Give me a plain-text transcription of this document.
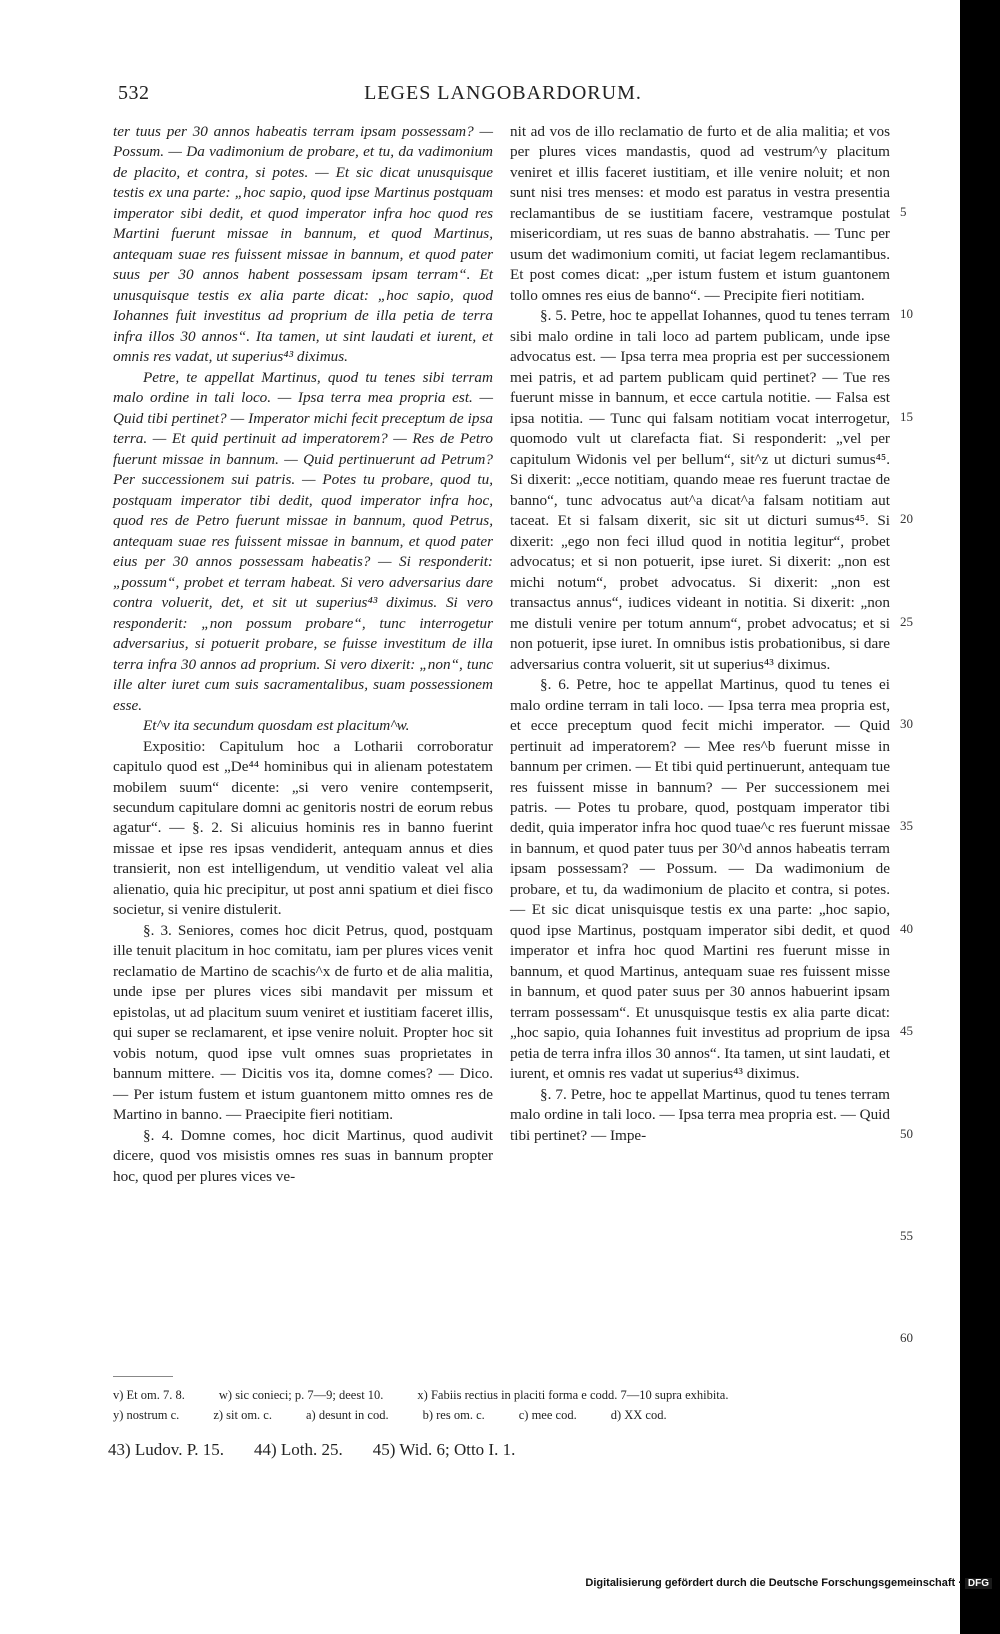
532	LEGES LANGOBARDORUM.

ter tuus per 30 annos habeatis terram ipsam possessam? — Possum. — Da vadimonium de probare, et tu, da vadimonium de placito, et contra, si potes. — Et sic dicat unusquisque testis ex una parte: „hoc sapio, quod ipse Martinus postquam imperator sibi dedit, et quod imperator infra hoc quod res Martini fuerunt missae in bannum, et quod Martinus, antequam suae res fuissent missae in bannum, et quod pater suus per 30 annos habent possessam ipsam terram“. Et unusquisque testis ex alia parte dicat: „hoc sapio, quod Iohannes fuit investitus ad proprium de illa petia de terra infra illos 30 annos“. Ita tamen, ut sint laudati et iurent, et omnis res vadat, ut superius⁴³ diximus.

Petre, te appellat Martinus, quod tu tenes sibi terram malo ordine in tali loco. — Ipsa terra mea propria est. — Quid tibi pertinet? — Imperator michi fecit preceptum de ipsa terra. — Et quid pertinuit ad imperatorem? — Res de Petro fuerunt missae in bannum. — Quid pertinuerunt ad Petrum? Per successionem sui patris. — Potes tu probare, quod tu, postquam imperator tibi dedit, quod imperator infra hoc, quod res de Petro fuerunt missae in bannum, quod Petrus, antequam suae res fuissent missae in bannum, et quod pater eius per 30 annos possessam habeatis? — Si responderit: „possum“, probet et terram habeat. Si vero adversarius dare contra voluerit, det, et sit ut superius⁴³ diximus. Si vero responderit: „non possum probare“, tunc interrogetur adversarius, si potuerit probare, se fuisse investitum de illa terra infra 30 annos ad proprium. Si vero dixerit: „non“, tunc ille alter iuret cum suis sacramentalibus, suam possessionem esse.

Et^v ita secundum quosdam est placitum^w.

Expositio: Capitulum hoc a Lotharii corroboratur capitulo quod est „De⁴⁴ hominibus qui in alienam potestatem mobilem suum“ dicente: „si vero venire contempserit, secundum capitulare domni ac genitoris nostri de eorum rebus agatur“. — §. 2. Si alicuius hominis res in banno fuerint missae et ipse res ipsas vendiderit, antequam annus et dies transierit, non est intelligendum, ut venditio valeat vel alia alienatio, quia hic precipitur, ut post anni spatium et diei fisco societur, si venire distulerit.

§. 3. Seniores, comes hoc dicit Petrus, quod, postquam ille tenuit placitum in hoc comitatu, iam per plures vices venit reclamatio de Martino de scachis^x de furto et de alia malitia, unde ipse per plures vices sibi mandavit per missum et epistolas, ut ad placitum suum veniret et iustitiam faceret illis, qui super se reclamarent, et ipse venire noluit. Propter hoc sit vobis notum, quod ipse vult omnes suas proprietates in bannum mittere. — Dicitis vos ita, domne comes? — Dico. — Per istum fustem et istum guantonem mitto omnes res de Martino in banno. — Praecipite fieri notitiam.

§. 4. Domne comes, hoc dicit Martinus, quod audivit dicere, quod vos misistis omnes res suas in bannum propter hoc, quod per plures vices ve-

nit ad vos de illo reclamatio de furto et de alia malitia; et vos per plures vices mandastis, quod ad vestrum^y placitum veniret et illis faceret iustitiam, et ille venire noluit; et non sunt nisi tres menses: et modo est paratus in vestra presentia reclamantibus de se iustitiam facere, vestramque postulat misericordiam, ut res suas de banno abstrahatis. — Tunc per usum det wadimonium comiti, ut faciat legem reclamantibus. Et post comes dicat: „per istum fustem et istum guantonem tollo omnes res eius de banno“. — Precipite fieri notitiam.

§. 5. Petre, hoc te appellat Iohannes, quod tu tenes terram sibi malo ordine in tali loco ad partem publicam, unde ipse advocatus est. — Ipsa terra mea propria est per successionem mei patris, et ad partem publicam quid pertinet? — Tue res fuerunt misse in bannum, et ecce cartula notitie. — Falsa est ipsa notitia. — Tunc qui falsam notitiam vocat interrogetur, quomodo vult ut clarefacta fiat. Si responderit: „vel per capitulum Widonis vel per bellum“, sit^z ut dicturi sumus⁴⁵. Si dixerit: „ecce notitiam, quando meae res fuerunt tractae de banno“, tunc advocatus aut^a dicat^a falsam notitiam aut taceat. Et si falsam dixerit, sic sit ut dicturi sumus⁴⁵. Si dixerit: „ego non feci illud quod in notitia legitur“, probet advocatus; et si non potuerit, ipse iuret. Si dixerit: „non est michi notum“, probet advocatus. Si dixerit: „non est transactus annus“, iudices videant in notitia. Si dixerit: „non me distuli venire per totum annum“, probet advocatus; et si non potuerit, ipse iuret. In omnibus istis probationibus, si dare adversarius contra voluerit, sit ut superius⁴³ diximus.

§. 6. Petre, hoc te appellat Martinus, quod tu tenes ei malo ordine terram in tali loco. — Ipsa terra mea propria est, et ecce preceptum quod fecit michi imperator. — Quid pertinuit ad imperatorem? — Mee res^b fuerunt misse in bannum per crimen. — Et tibi quid pertinuerunt, antequam tue res fuissent misse in bannum? — Per successionem mei patris. — Potes tu probare, quod, postquam imperator tibi dedit, quia imperator infra hoc quod tuae^c res fuerunt missae in bannum, et quod pater tuus per 30^d annos habeatis terram ipsam possessam? — Possum. — Da wadimonium de probare, et tu, da wadimonium de placito et contra, si potes. — Et sic dicat unisquisque testis ex una parte: „hoc sapio, quod ipse Martinus, postquam imperator sibi dedit, et quod imperator et infra hoc quod Martini res fuerunt misse in bannum, et quod Martinus, antequam suae res fuissent misse in bannum, et quod pater suus per 30 annos habuerint ipsam terram possessam“. Et unusquisque testis ex alia parte dicat: „hoc sapio, quia Iohannes fuit investitus ad proprium de ipsa petia de terra infra illos 30 annos“. Ita tamen, ut sint laudati, et iurent, et omnis res vadat ut superius⁴³ diximus.

§. 7. Petre, hoc te appellat Martinus, quod tu tenes terram malo ordine in tali loco. — Ipsa terra mea propria est. — Quid tibi pertinet? — Impe-

5
10
15
20
25
30
35
40
45
50
55
60
v) Et om. 7. 8.	w) sic conieci; p. 7—9; deest 10.	x) Fabiis rectius in placiti forma e codd. 7—10 supra exhibita.
y) nostrum c.	z) sit om. c.	a) desunt in cod.	b) res om. c.	c) mee cod.	d) XX cod.
43) Ludov. P. 15. 44) Loth. 25. 45) Wid. 6; Otto I. 1.
Digitalisierung gefördert durch die Deutsche Forschungsgemeinschaft · DFG
